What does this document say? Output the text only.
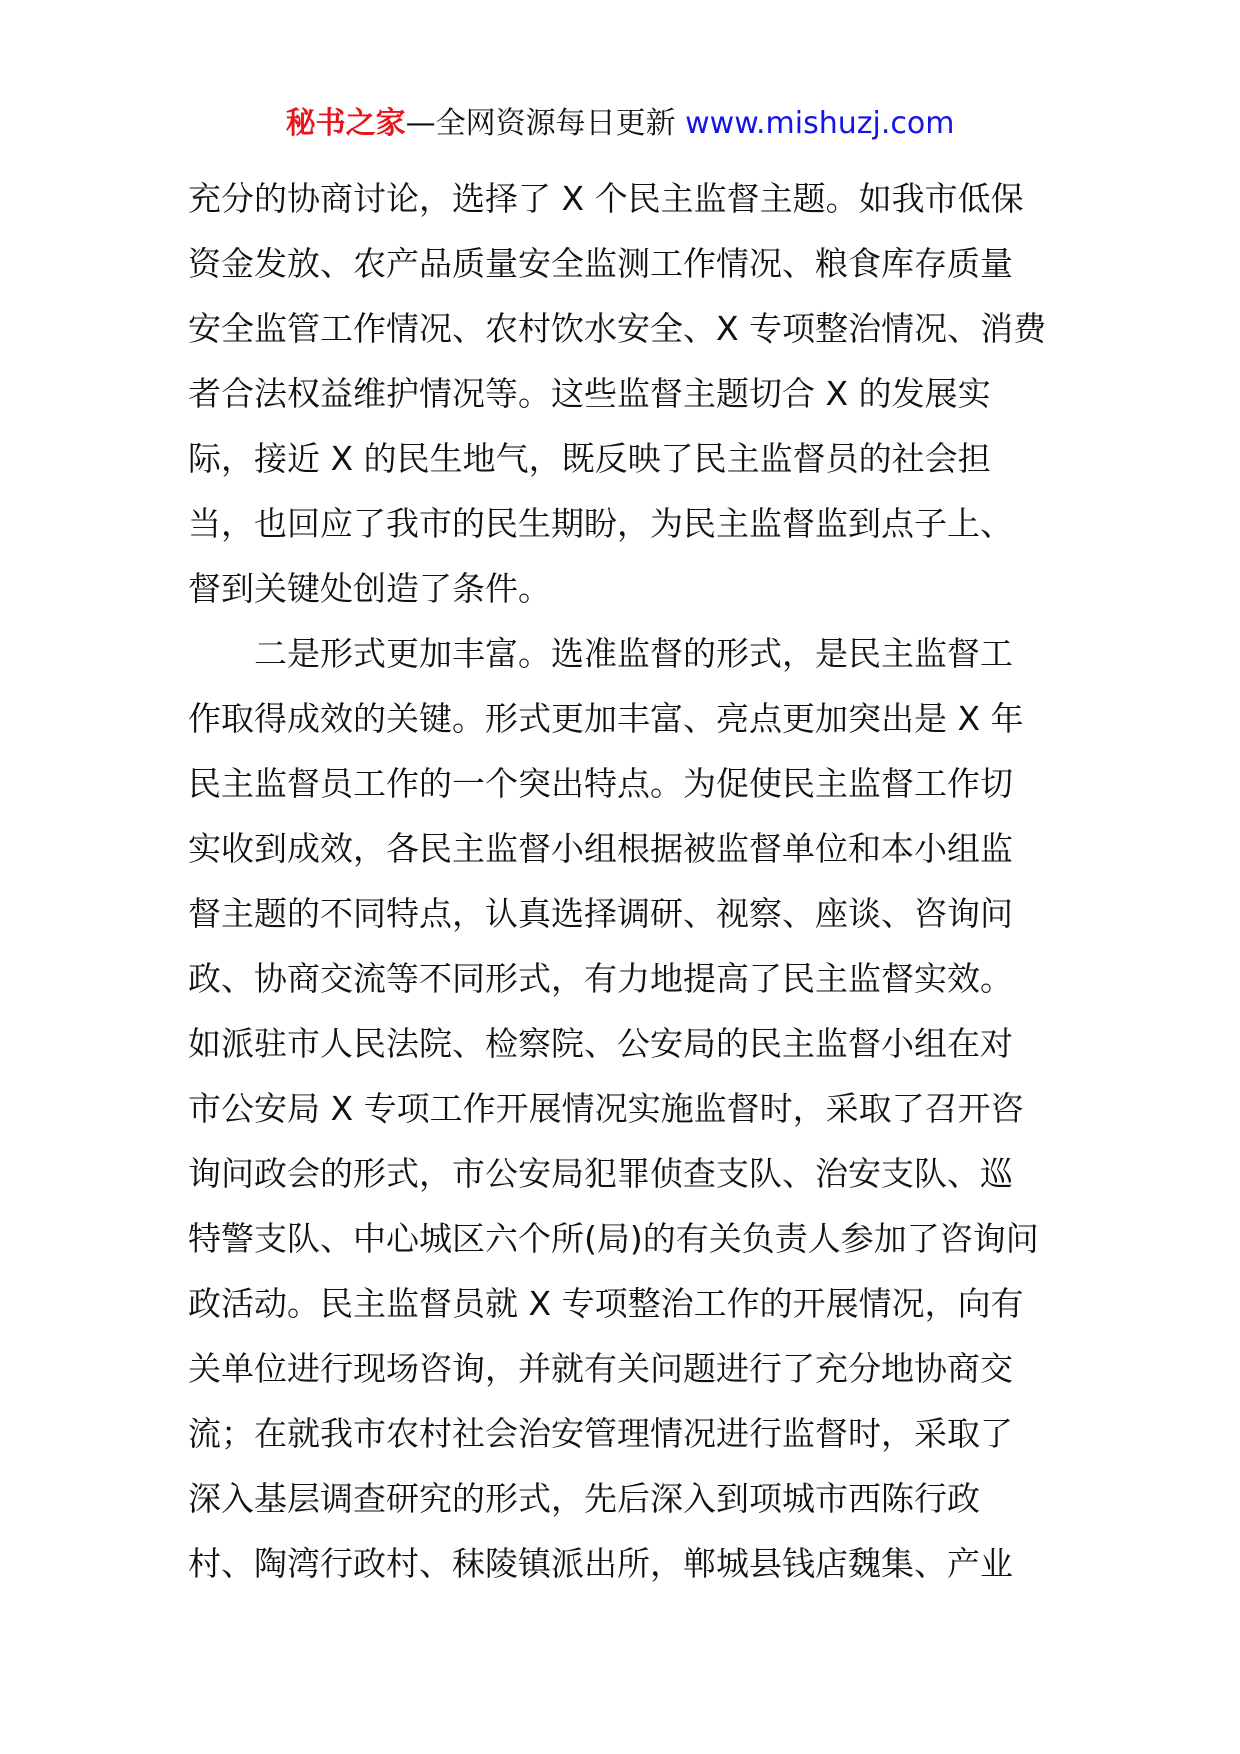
秘书之家—全网资源每日更新 www.mishuzj.com
充分的协商讨论，选择了 X 个民主监督主题。如我市低保
资金发放、农产品质量安全监测工作情况、粮食库存质量
安全监管工作情况、农村饮水安全、X 专项整治情况、消费
者合法权益维护情况等。这些监督主题切合 X 的发展实
际，接近 X 的民生地气，既反映了民主监督员的社会担
当，也回应了我市的民生期盼，为民主监督监到点子上、
督到关键处创造了条件。
二是形式更加丰富。选准监督的形式，是民主监督工
作取得成效的关键。形式更加丰富、亮点更加突出是 X 年
民主监督员工作的一个突出特点。为促使民主监督工作切
实收到成效，各民主监督小组根据被监督单位和本小组监
督主题的不同特点，认真选择调研、视察、座谈、咨询问
政、协商交流等不同形式，有力地提高了民主监督实效。
如派驻市人民法院、检察院、公安局的民主监督小组在对
市公安局 X 专项工作开展情况实施监督时，采取了召开咨
询问政会的形式，市公安局犯罪侦查支队、治安支队、巡
特警支队、中心城区六个所(局)的有关负责人参加了咨询问
政活动。民主监督员就 X 专项整治工作的开展情况，向有
关单位进行现场咨询，并就有关问题进行了充分地协商交
流；在就我市农村社会治安管理情况进行监督时，采取了
深入基层调查研究的形式，先后深入到项城市西陈行政
村、陶湾行政村、秣陵镇派出所，郸城县钱店魏集、产业
